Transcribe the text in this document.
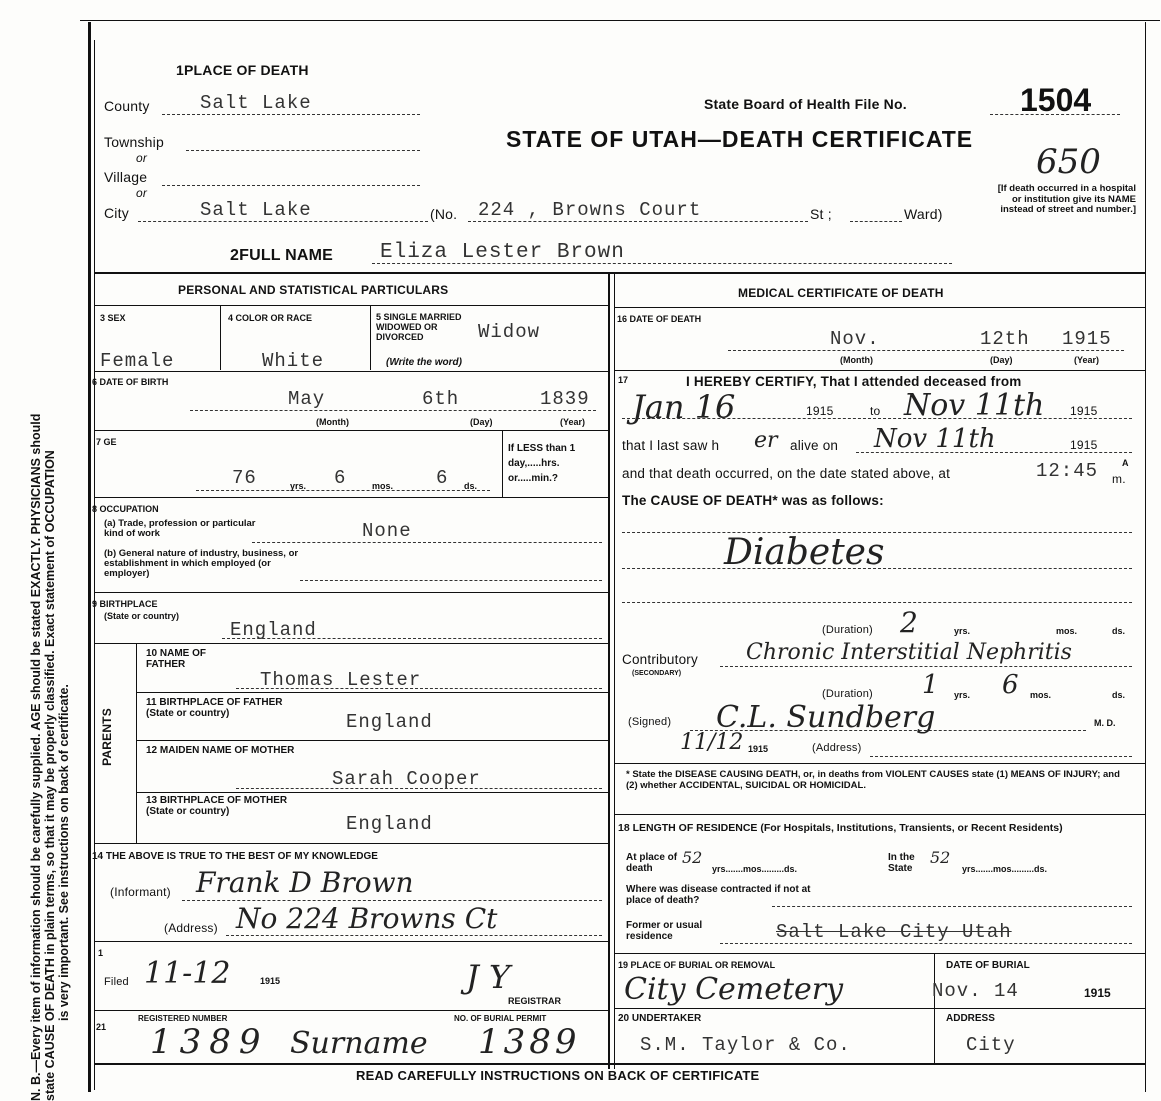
N. B.—Every item of information should be carefully supplied. AGE should be stated EXACTLY. PHYSICIANS should state CAUSE OF DEATH in plain terms, so that it may be properly classified. Exact statement of OCCUPATION is very important. See instructions on back of certificate.
1PLACE OF DEATH
County	Salt Lake
Township
or
Village
or
City	Salt Lake	(No. 224 , Browns Court	St ;	Ward)
State Board of Health File No.	1504
STATE OF UTAH—DEATH CERTIFICATE
650
[If death occurred in a hospital or institution give its NAME instead of street and number.]
2FULL NAME Eliza Lester Brown
PERSONAL AND STATISTICAL PARTICULARS
3 SEX
Female
4 COLOR OR RACE
White
5 SINGLE MARRIED WIDOWED OR DIVORCED
(Write the word)
Widow
6 DATE OF BIRTH
May	6th	1839
(Month)	(Day)	(Year)
7 GE
76	yrs. 6	mos. 6 ds.
If LESS than 1 day,.....hrs. or.....min.?
8 OCCUPATION
(a) Trade, profession or particular kind of work	None
(b) General nature of industry, business, or establishment in which employed (or employer)
9 BIRTHPLACE
(State or country)
England
PARENTS
10 NAME OF FATHER
Thomas Lester
11 BIRTHPLACE OF FATHER (State or country)	England
12 MAIDEN NAME OF MOTHER
Sarah Cooper
13 BIRTHPLACE OF MOTHER (State or country)
England
14 THE ABOVE IS TRUE TO THE BEST OF MY KNOWLEDGE
(Informant) Frank D Brown
(Address) No 224 Browns Ct
1
Filed 11-12	1915
REGISTRAR
J Y
REGISTERED NUMBER
21 1389 Surname
NO. OF BURIAL PERMIT
1389
MEDICAL CERTIFICATE OF DEATH
16 DATE OF DEATH
Nov.	12th 1915
(Month)	(Day)	(Year)
17	I HEREBY CERTIFY, That I attended deceased from
Jan 16	1915	to Nov 11th 1915
that I last saw h er alive on Nov 11th	1915
and that death occurred, on the date stated above, at	12:45	A
m.
The CAUSE OF DEATH* was as follows:
Diabetes
(Duration) 2	yrs.	mos.	ds.
Contributory
(SECONDARY)
Chronic Interstitial Nephritis
(Duration) 1 yrs. 6 mos.	ds.
(Signed) C.L. Sundberg	M. D.
11/12 1915	(Address)
* State the DISEASE CAUSING DEATH, or, in deaths from VIOLENT CAUSES state (1) MEANS OF INJURY; and (2) whether ACCIDENTAL, SUICIDAL OR HOMICIDAL.
18 LENGTH OF RESIDENCE (For Hospitals, Institutions, Transients, or Recent Residents)
At place of death
52
yrs.......mos.........ds.
In the State
52
yrs.......mos.........ds.
Where was disease contracted if not at place of death?
Former or usual residence	Salt Lake City Utah
19 PLACE OF BURIAL OR REMOVAL
City Cemetery
DATE OF BURIAL
Nov. 14	1915
20 UNDERTAKER
S.M. Taylor & Co.
ADDRESS
City
READ CAREFULLY INSTRUCTIONS ON BACK OF CERTIFICATE
